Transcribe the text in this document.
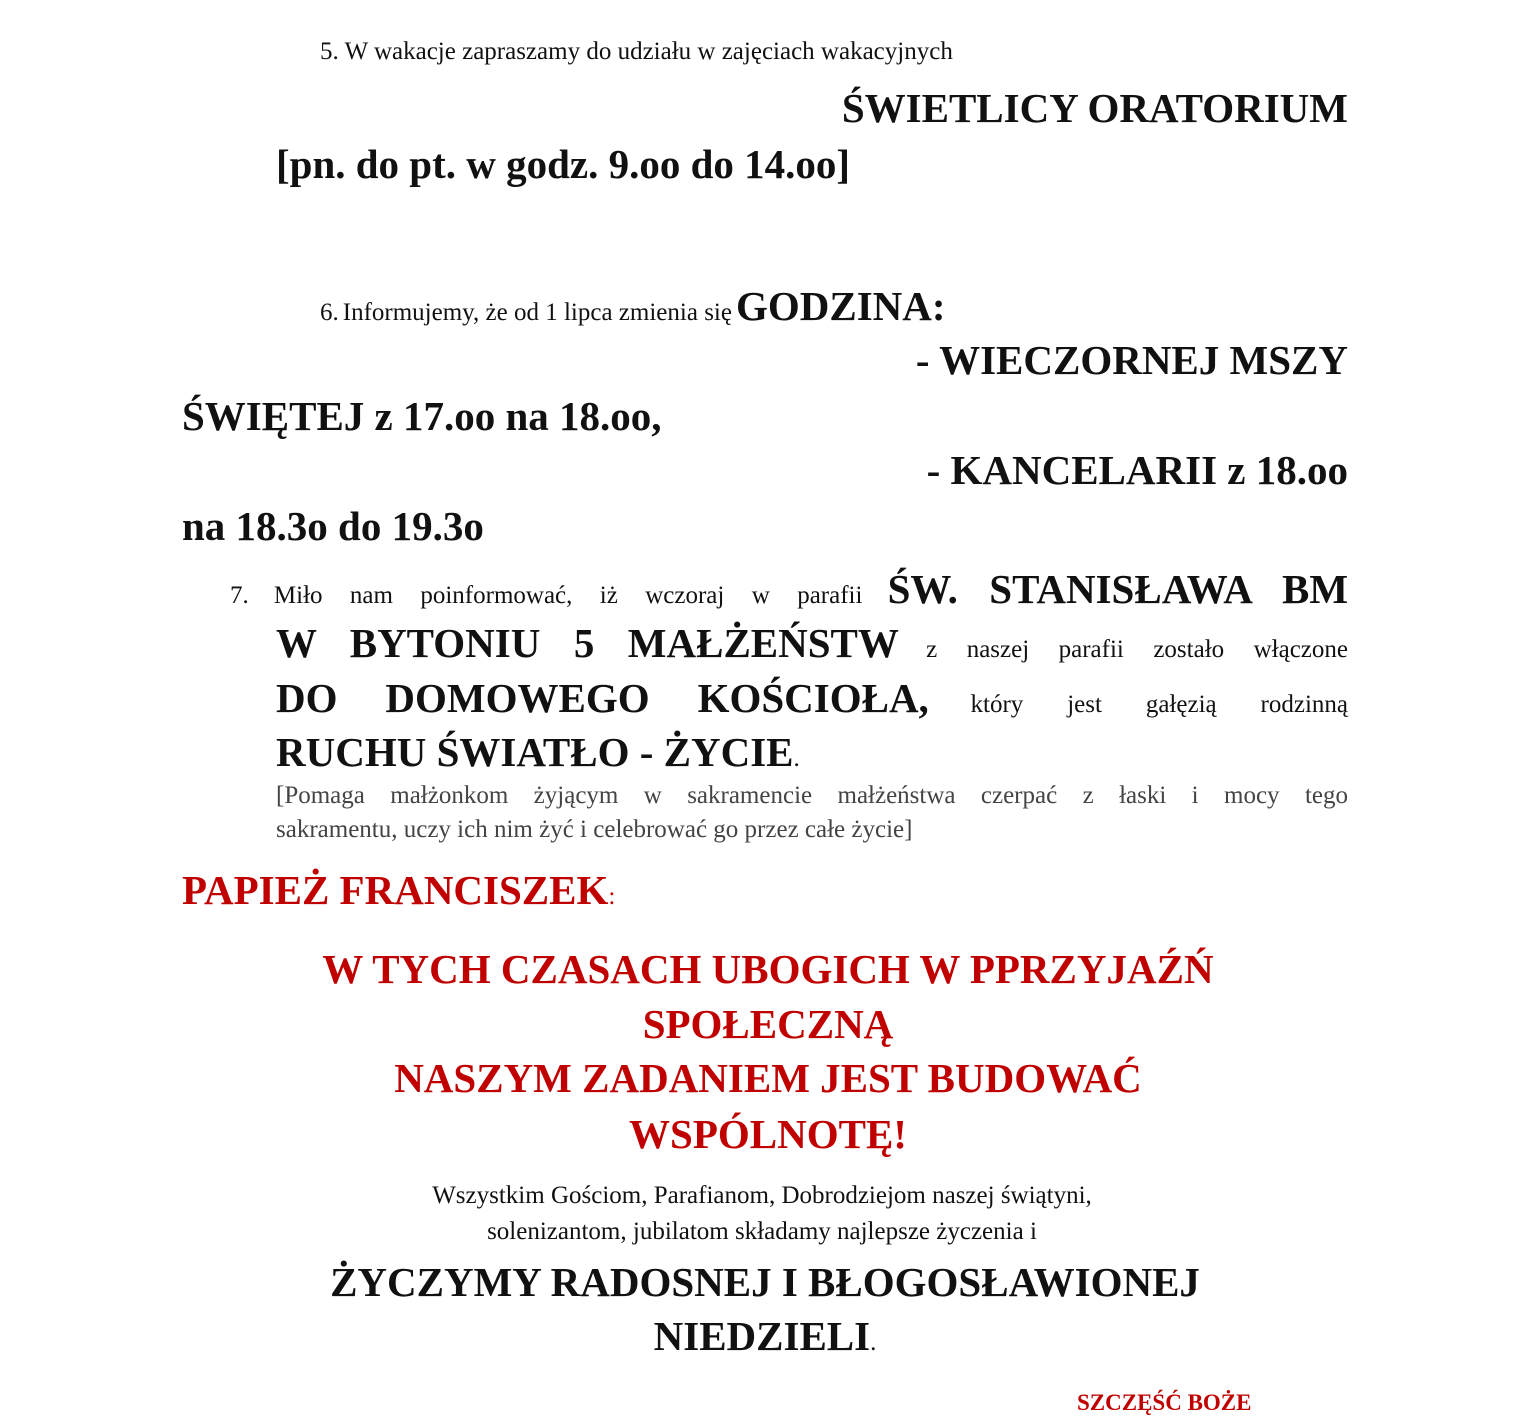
5. W wakacje zapraszamy do udziału w zajęciach wakacyjnych
ŚWIETLICY ORATORIUM
[pn. do pt. w godz. 9.oo do 14.oo]
6. Informujemy, że od 1 lipca zmienia się GODZINA:
- WIECZORNEJ MSZY
ŚWIĘTEJ z 17.oo na 18.oo,
- KANCELARII z 18.oo
na 18.3o do 19.3o
7. Miło nam poinformować, iż wczoraj w parafii ŚW. STANISŁAWA BM
W BYTONIU 5 MAŁŻEŃSTW z naszej parafii zostało włączone
DO DOMOWEGO KOŚCIOŁA, który jest gałęzią rodzinną
RUCHU ŚWIATŁO - ŻYCIE.
[Pomaga małżonkom żyjącym w sakramencie małżeństwa czerpać z łaski i mocy tego
sakramentu, uczy ich nim żyć i celebrować go przez całe życie]
PAPIEŻ FRANCISZEK:
W TYCH CZASACH UBOGICH W PPRZYJAŹŃ
SPOŁECZNĄ
NASZYM ZADANIEM JEST BUDOWAĆ
WSPÓLNOTĘ!
Wszystkim Gościom, Parafianom, Dobrodziejom naszej świątyni,
solenizantom, jubilatom składamy najlepsze życzenia i
ŻYCZYMY RADOSNEJ I BŁOGOSŁAWIONEJ
NIEDZIELI.
SZCZĘŚĆ BOŻE
